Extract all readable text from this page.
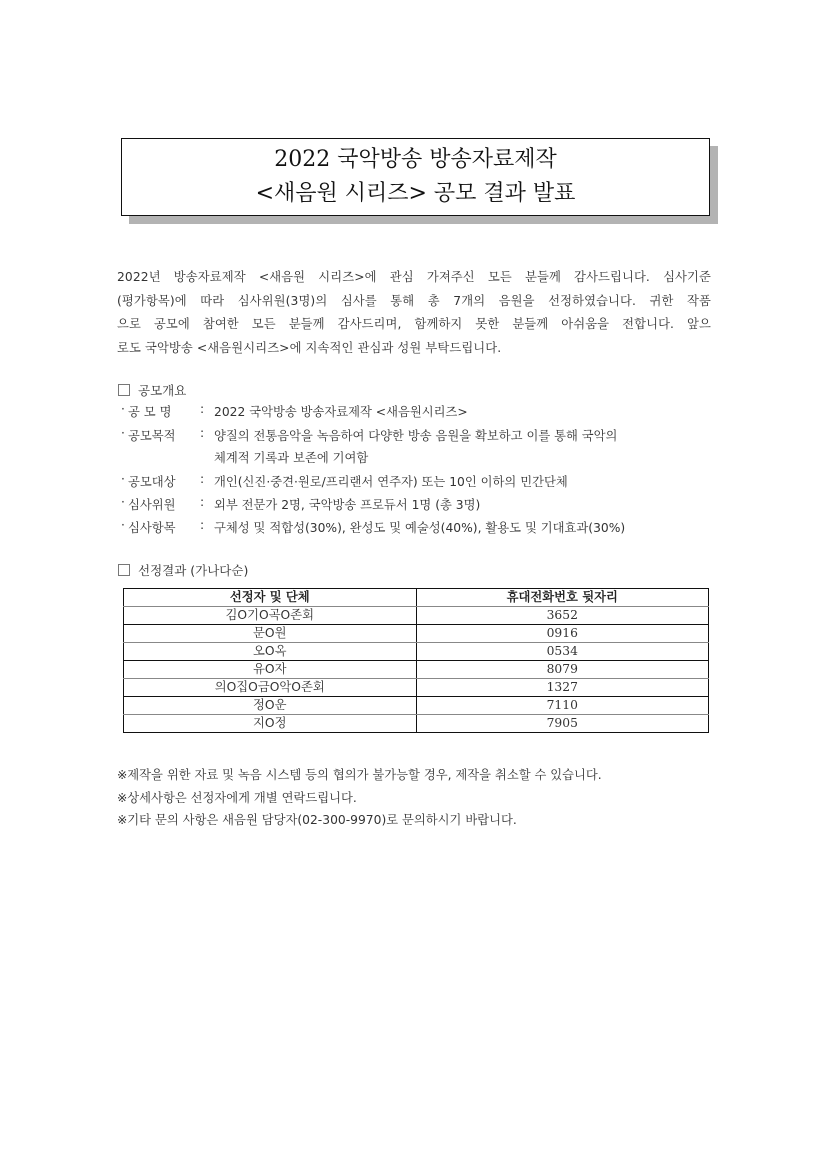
2022 국악방송 방송자료제작
<새음원 시리즈> 공모 결과 발표
2022년 방송자료제작 <새음원 시리즈>에 관심 가져주신 모든 분들께 감사드립니다. 심사기준
(평가항목)에 따라 심사위원(3명)의 심사를 통해 총 7개의 음원을 선정하였습니다. 귀한 작품
으로 공모에 참여한 모든 분들께 감사드리며, 함께하지 못한 분들께 아쉬움을 전합니다. 앞으
로도 국악방송 <새음원시리즈>에 지속적인 관심과 성원 부탁드립니다.
공모개요
· 공 모 명	: 2022 국악방송 방송자료제작 <새음원시리즈>
· 공모목적	: 양질의 전통음악을 녹음하여 다양한 방송 음원을 확보하고 이를 통해 국악의
체계적 기록과 보존에 기여함
· 공모대상	: 개인(신진·중견·원로/프리랜서 연주자) 또는 10인 이하의 민간단체
· 심사위원	: 외부 전문가 2명, 국악방송 프로듀서 1명 (총 3명)
· 심사항목	: 구체성 및 적합성(30%), 완성도 및 예술성(40%), 활용도 및 기대효과(30%)
선정결과 (가나다순)
선정자 및 단체	휴대전화번호 뒷자리
김O기O곡O존회	3652
문O원	0916
오O옥	0534
유O자	8079
의O집O금O악O존회	1327
정O운	7110
지O정	7905
※제작을 위한 자료 및 녹음 시스템 등의 협의가 불가능할 경우, 제작을 취소할 수 있습니다.
※상세사항은 선정자에게 개별 연락드립니다.
※기타 문의 사항은 새음원 담당자(02-300-9970)로 문의하시기 바랍니다.
